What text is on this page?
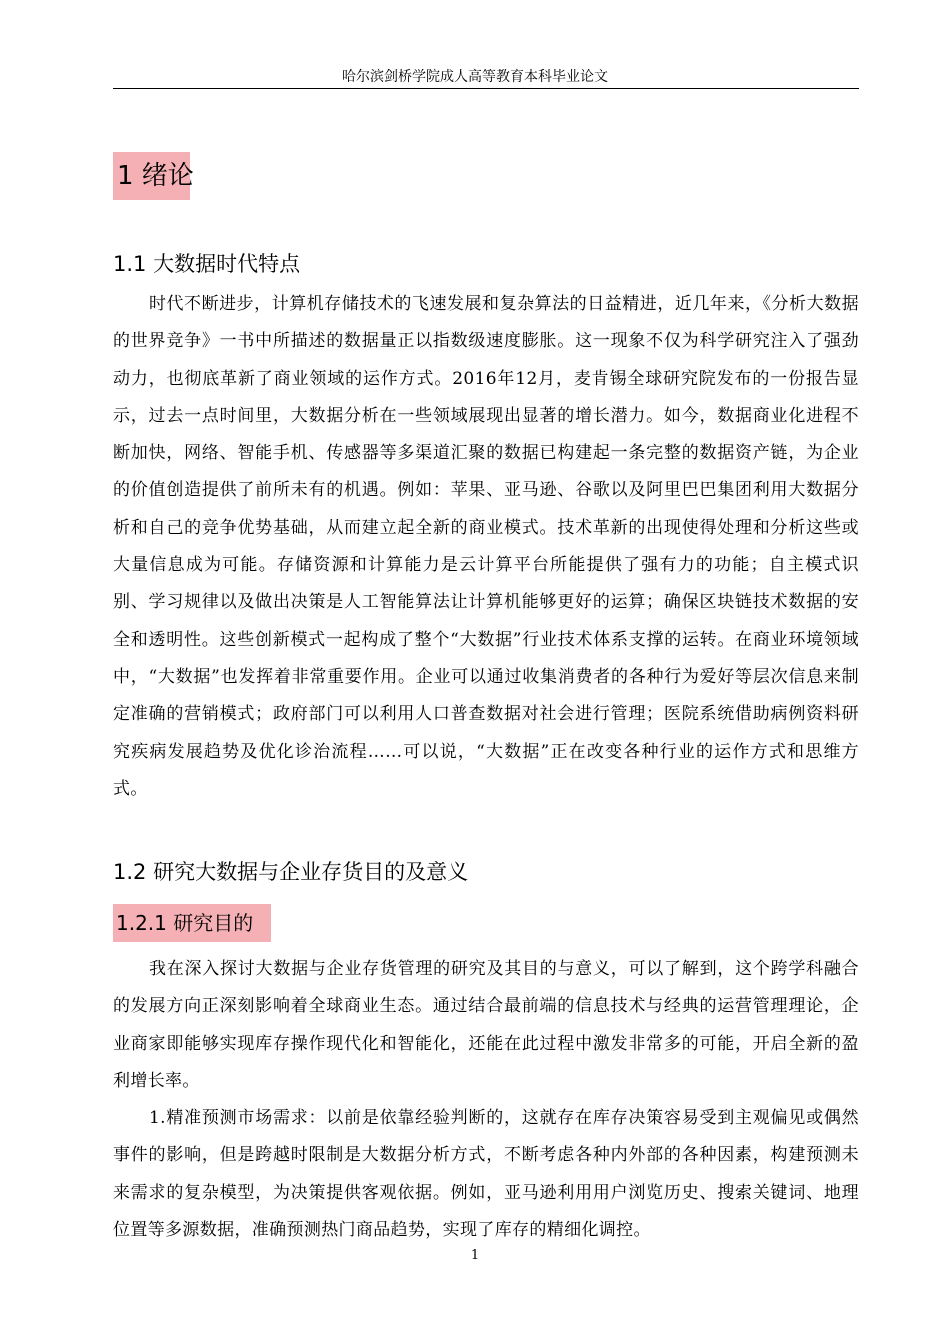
哈尔滨剑桥学院成人高等教育本科毕业论文
1 绪论
1.1 大数据时代特点

时代不断进步，计算机存储技术的飞速发展和复杂算法的日益精进，近几年来，《分析大数据的世界竞争》一书中所描述的数据量正以指数级速度膨胀。这一现象不仅为科学研究注入了强劲动力，也彻底革新了商业领域的运作方式。2016年12月，麦肯锡全球研究院发布的一份报告显示，过去一点时间里，大数据分析在一些领域展现出显著的增长潜力。如今，数据商业化进程不断加快，网络、智能手机、传感器等多渠道汇聚的数据已构建起一条完整的数据资产链，为企业的价值创造提供了前所未有的机遇。例如：苹果、亚马逊、谷歌以及阿里巴巴集团利用大数据分析和自己的竞争优势基础，从而建立起全新的商业模式。技术革新的出现使得处理和分析这些或大量信息成为可能。存储资源和计算能力是云计算平台所能提供了强有力的功能；自主模式识别、学习规律以及做出决策是人工智能算法让计算机能够更好的运算；确保区块链技术数据的安全和透明性。这些创新模式一起构成了整个“大数据”行业技术体系支撑的运转。在商业环境领域中，“大数据”也发挥着非常重要作用。企业可以通过收集消费者的各种行为爱好等层次信息来制定准确的营销模式；政府部门可以利用人口普查数据对社会进行管理；医院系统借助病例资料研究疾病发展趋势及优化诊治流程……可以说，“大数据”正在改变各种行业的运作方式和思维方式。

1.2 研究大数据与企业存货目的及意义
1.2.1 研究目的

我在深入探讨大数据与企业存货管理的研究及其目的与意义，可以了解到，这个跨学科融合的发展方向正深刻影响着全球商业生态。通过结合最前端的信息技术与经典的运营管理理论，企业商家即能够实现库存操作现代化和智能化，还能在此过程中激发非常多的可能，开启全新的盈利增长率。

1.精准预测市场需求：以前是依靠经验判断的，这就存在库存决策容易受到主观偏见或偶然事件的影响，但是跨越时限制是大数据分析方式，不断考虑各种内外部的各种因素，构建预测未来需求的复杂模型，为决策提供客观依据。例如，亚马逊利用用户浏览历史、搜索关键词、地理位置等多源数据，准确预测热门商品趋势，实现了库存的精细化调控。

1
